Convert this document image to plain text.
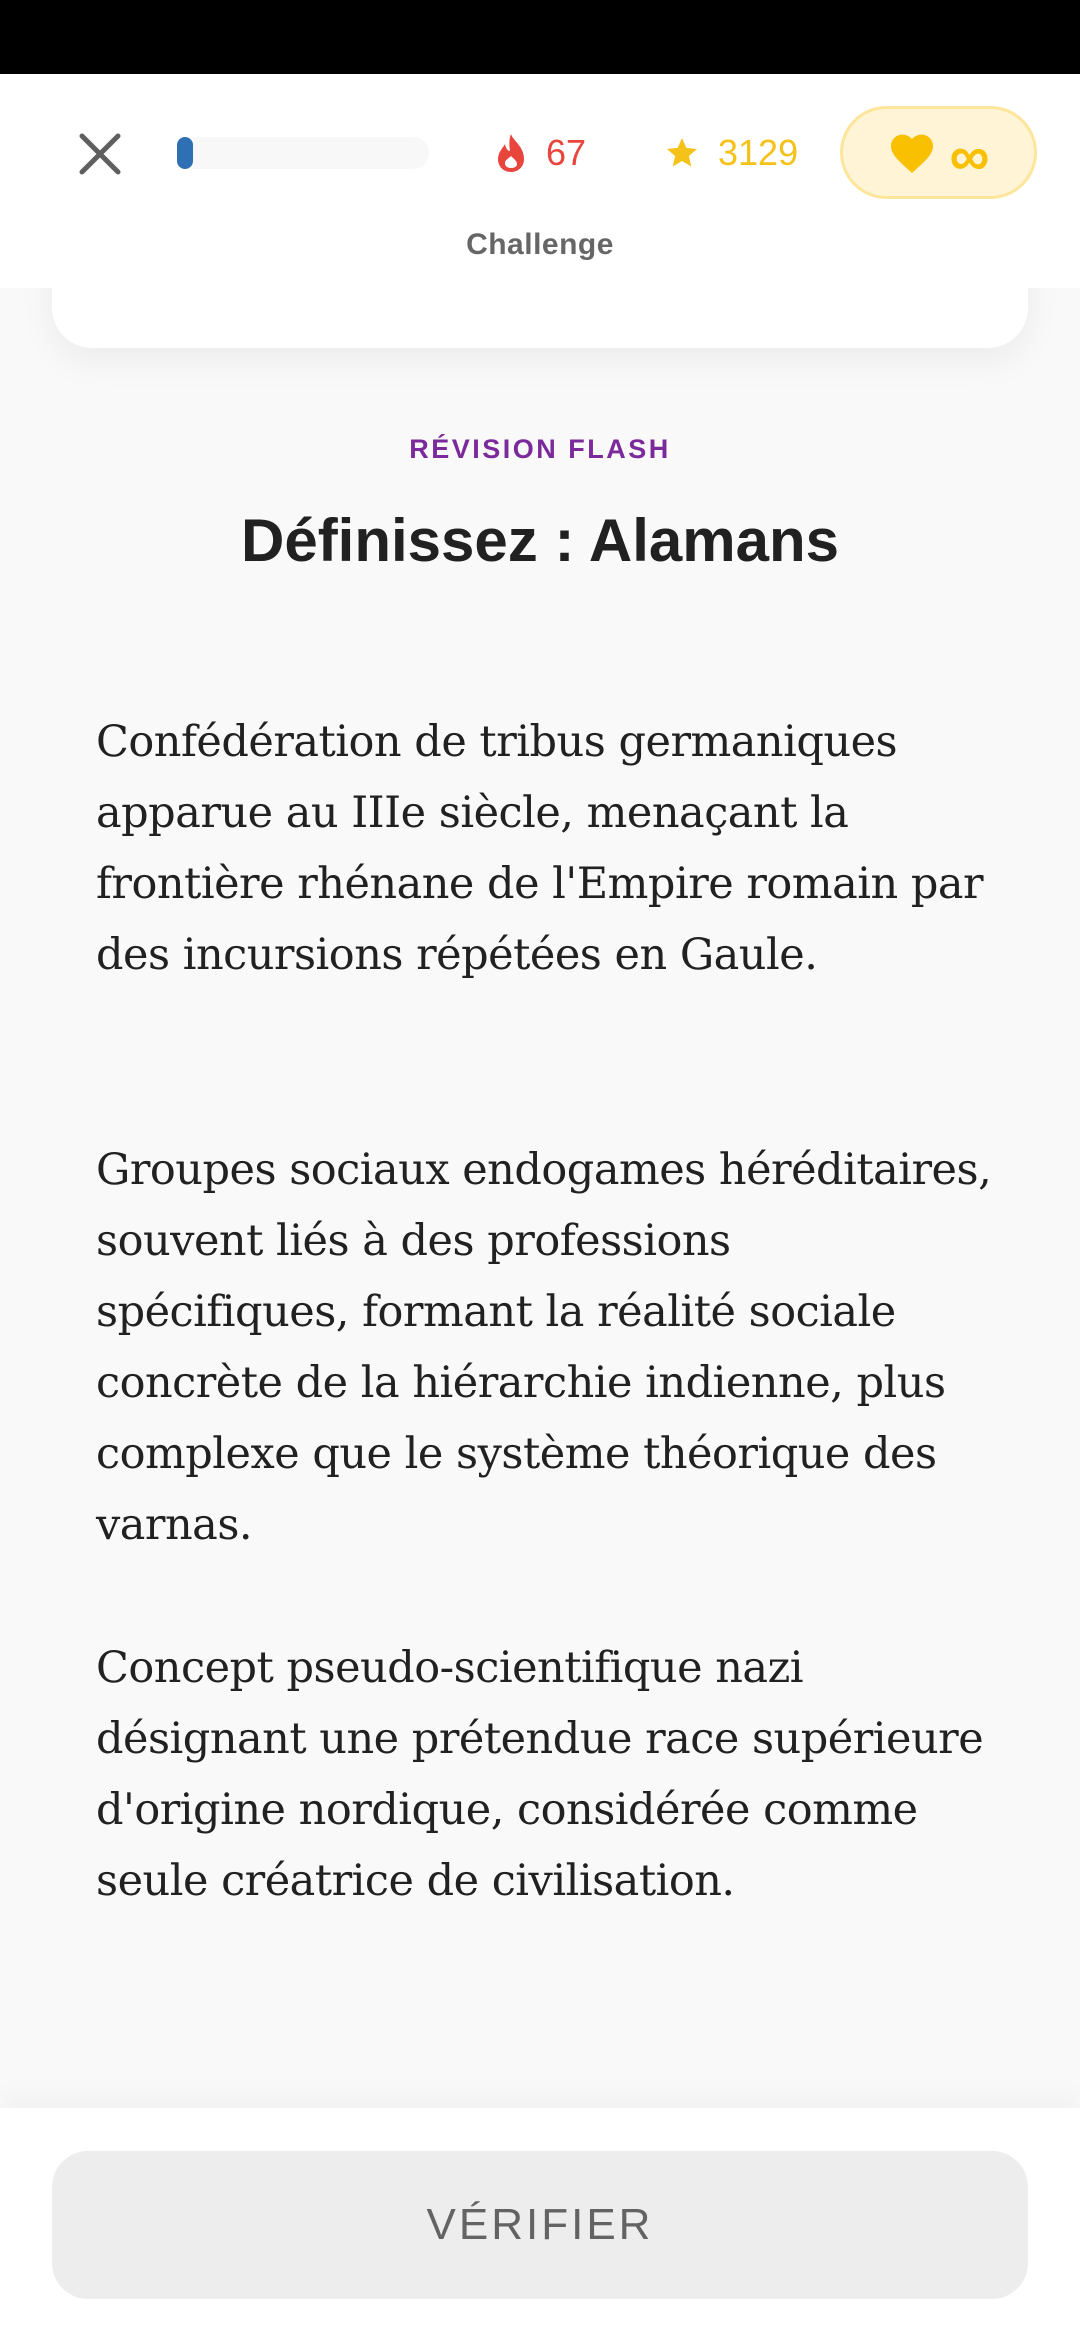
67	3129	∞
Challenge
RÉVISION FLASH
Définissez : Alamans
Confédération de tribus germaniques apparue au IIIe siècle, menaçant la frontière rhénane de l'Empire romain par des incursions répétées en Gaule.
Groupes sociaux endogames héréditaires, souvent liés à des professions spécifiques, formant la réalité sociale concrète de la hiérarchie indienne, plus complexe que le système théorique des varnas.
Concept pseudo-scientifique nazi désignant une prétendue race supérieure d'origine nordique, considérée comme seule créatrice de civilisation.
VÉRIFIER
